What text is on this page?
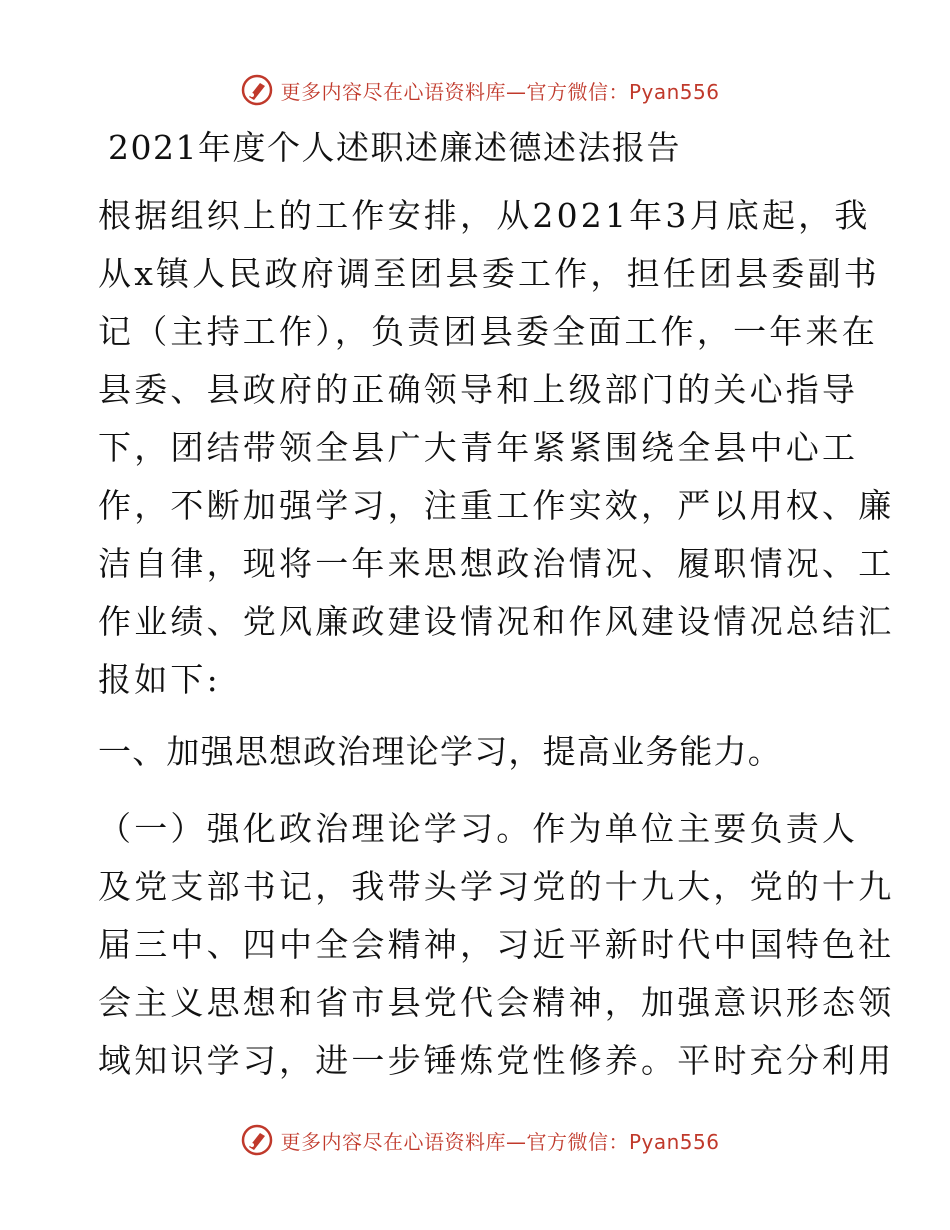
更多内容尽在心语资料库—官方微信：Pyan556
2021年度个人述职述廉述德述法报告

根据组织上的工作安排，从2021年3月底起，我

从x镇人民政府调至团县委工作，担任团县委副书

记（主持工作），负责团县委全面工作，一年来在

县委、县政府的正确领导和上级部门的关心指导

下，团结带领全县广大青年紧紧围绕全县中心工

作，不断加强学习，注重工作实效，严以用权、廉

洁自律，现将一年来思想政治情况、履职情况、工

作业绩、党风廉政建设情况和作风建设情况总结汇

报如下:

一、加强思想政治理论学习，提高业务能力。

（一）强化政治理论学习。作为单位主要负责人

及党支部书记，我带头学习党的十九大，党的十九

届三中、四中全会精神，习近平新时代中国特色社

会主义思想和省市县党代会精神，加强意识形态领

域知识学习，进一步锤炼党性修养。平时充分利用

更多内容尽在心语资料库—官方微信：Pyan556
